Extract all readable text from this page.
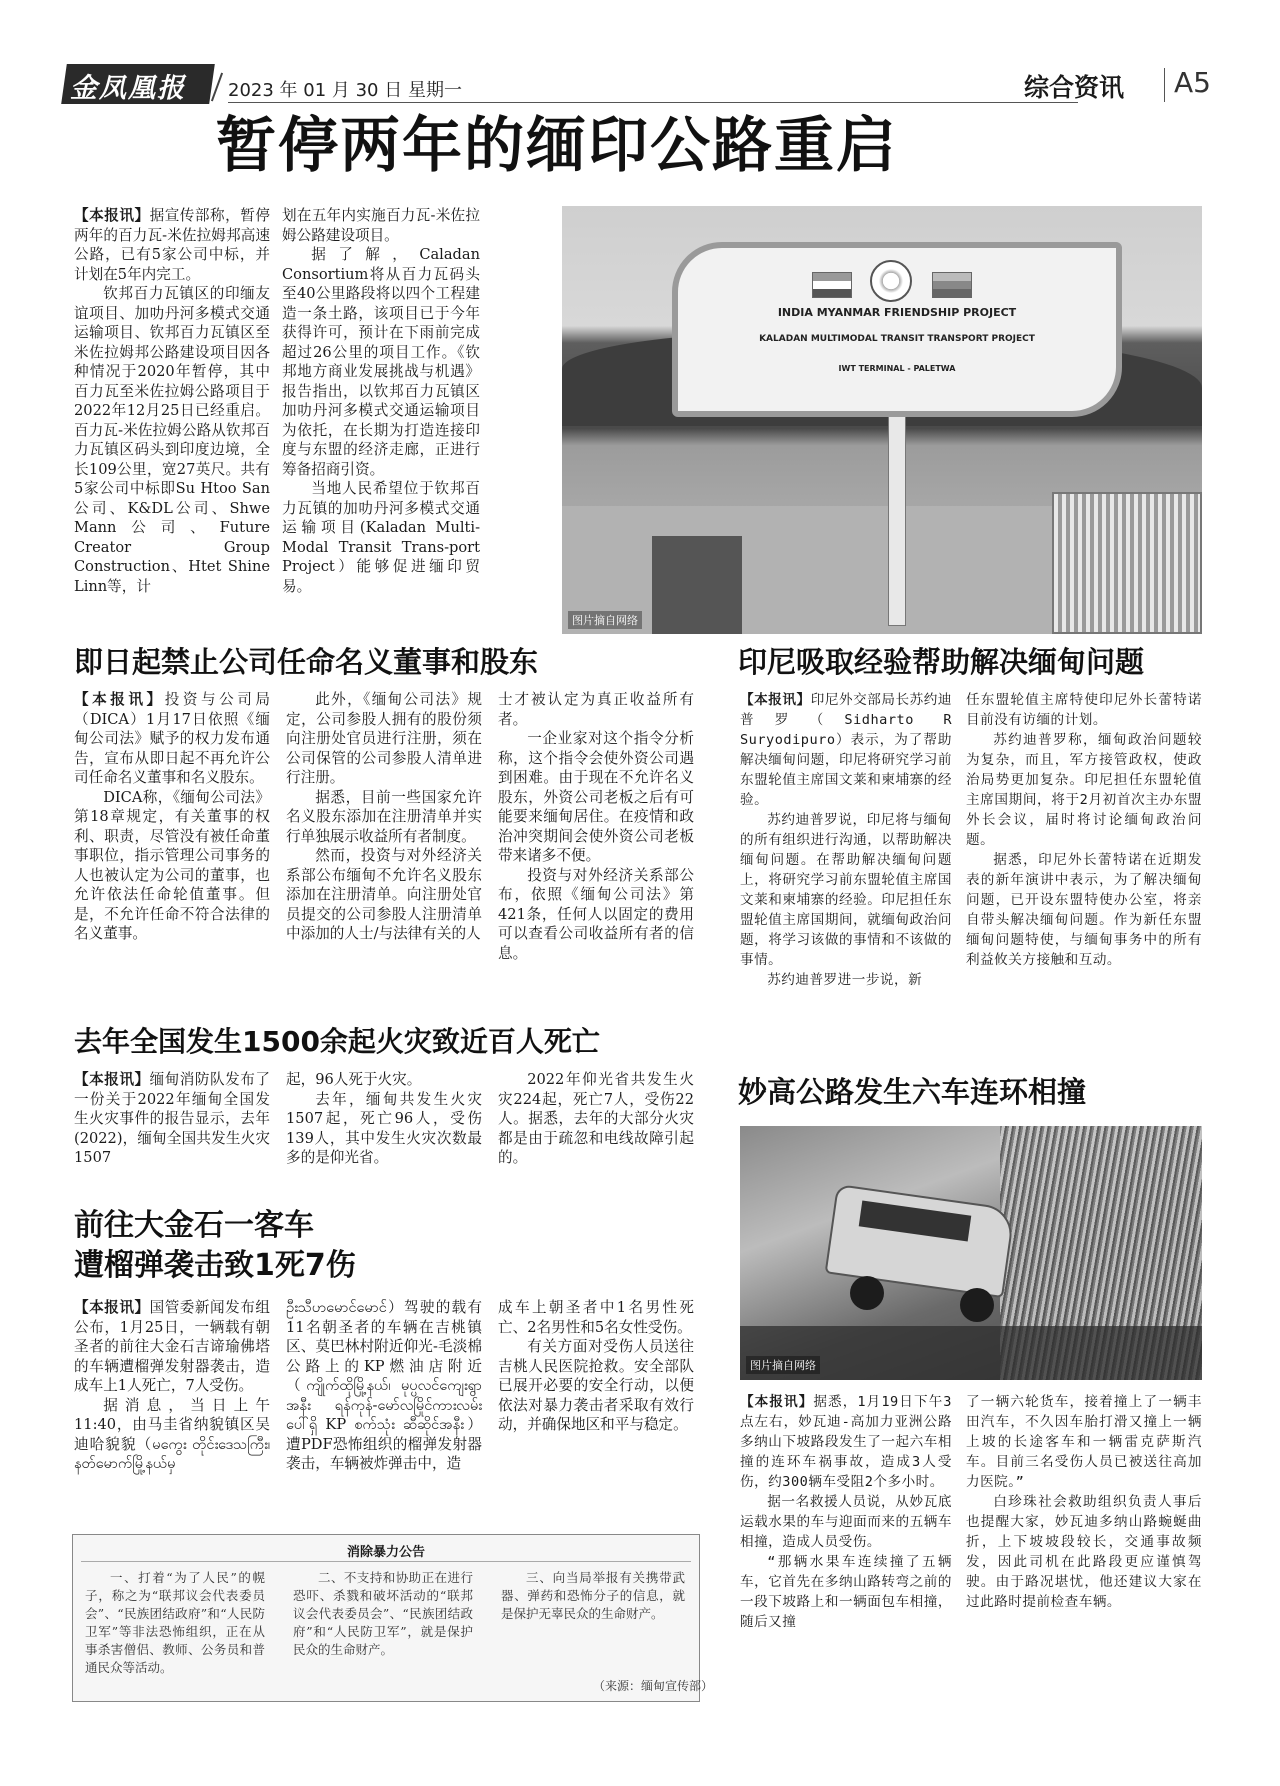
金凤凰报	2023 年 01 月 30 日 星期一	综合资讯 A5
暂停两年的缅印公路重启

【本报讯】据宣传部称，暂停两年的百力瓦-米佐拉姆邦高速公路，已有5家公司中标，并计划在5年内完工。

钦邦百力瓦镇区的印缅友谊项目、加叻丹河多模式交通运输项目、钦邦百力瓦镇区至米佐拉姆邦公路建设项目因各种情况于2020年暂停，其中百力瓦至米佐拉姆公路项目于2022年12月25日已经重启。百力瓦-米佐拉姆公路从钦邦百力瓦镇区码头到印度边境，全长109公里，宽27英尺。共有5家公司中标即Su Htoo San公司、K&DL公司、Shwe Mann公司、Future Creator Group Construction、Htet Shine Linn等，计

划在五年内实施百力瓦-米佐拉姆公路建设项目。

据了解，Caladan Consortium将从百力瓦码头至40公里路段将以四个工程建造一条土路，该项目已于今年获得许可，预计在下雨前完成超过26公里的项目工作。《钦邦地方商业发展挑战与机遇》报告指出，以钦邦百力瓦镇区加叻丹河多模式交通运输项目为依托，在长期为打造连接印度与东盟的经济走廊，正进行筹备招商引资。

当地人民希望位于钦邦百力瓦镇的加叻丹河多模式交通运输项目(Kaladan Multi-Modal Transit Trans-port Project）能够促进缅印贸易。

INDIA MYANMAR FRIENDSHIP PROJECT
KALADAN MULTIMODAL TRANSIT TRANSPORT PROJECT
IWT TERMINAL - PALETWA
图片摘自网络
即日起禁止公司任命名义董事和股东

【本报讯】投资与公司局（DICA）1月17日依照《缅甸公司法》赋予的权力发布通告，宣布从即日起不再允许公司任命名义董事和名义股东。

DICA称，《缅甸公司法》第18章规定，有关董事的权利、职责，尽管没有被任命董事职位，指示管理公司事务的人也被认定为公司的董事，也允许依法任命轮值董事。但是，不允许任命不符合法律的名义董事。

此外，《缅甸公司法》规定，公司参股人拥有的股份须向注册处官员进行注册，须在公司保管的公司参股人清单进行注册。

据悉，目前一些国家允许名义股东添加在注册清单并实行单独展示收益所有者制度。

然而，投资与对外经济关系部公布缅甸不允许名义股东添加在注册清单。向注册处官员提交的公司参股人注册清单中添加的人士/与法律有关的人

士才被认定为真正收益所有者。

一企业家对这个指令分析称，这个指令会使外资公司遇到困难。由于现在不允许名义股东，外资公司老板之后有可能要来缅甸居住。在疫情和政治冲突期间会使外资公司老板带来诸多不便。

投资与对外经济关系部公布，依照《缅甸公司法》第421条，任何人以固定的费用可以查看公司收益所有者的信息。

印尼吸取经验帮助解决缅甸问题

【本报讯】印尼外交部局长苏约迪普罗（Sidharto R Suryodipuro）表示，为了帮助解决缅甸问题，印尼将研究学习前东盟轮值主席国文莱和柬埔寨的经验。

苏约迪普罗说，印尼将与缅甸的所有组织进行沟通，以帮助解决缅甸问题。在帮助解决缅甸问题上，将研究学习前东盟轮值主席国文莱和柬埔寨的经验。印尼担任东盟轮值主席国期间，就缅甸政治问题，将学习该做的事情和不该做的事情。

苏约迪普罗进一步说，新

任东盟轮值主席特使印尼外长蕾特诺目前没有访缅的计划。

苏约迪普罗称，缅甸政治问题较为复杂，而且，军方接管政权，使政治局势更加复杂。印尼担任东盟轮值主席国期间，将于2月初首次主办东盟外长会议，届时将讨论缅甸政治问题。

据悉，印尼外长蕾特诺在近期发表的新年演讲中表示，为了解决缅甸问题，已开设东盟特使办公室，将亲自带头解决缅甸问题。作为新任东盟缅甸问题特使，与缅甸事务中的所有利益攸关方接触和互动。

去年全国发生1500余起火灾致近百人死亡

【本报讯】缅甸消防队发布了一份关于2022年缅甸全国发生火灾事件的报告显示，去年(2022)，缅甸全国共发生火灾1507

起，96人死于火灾。

去年，缅甸共发生火灾1507起，死亡96人，受伤139人，其中发生火灾次数最多的是仰光省。

2022年仰光省共发生火灾224起，死亡7人，受伤22人。据悉，去年的大部分火灾都是由于疏忽和电线故障引起的。

前往大金石一客车
遭榴弹袭击致1死7伤

【本报讯】国管委新闻发布组公布，1月25日，一辆载有朝圣者的前往大金石吉谛瑜佛塔的车辆遭榴弹发射器袭击，造成车上1人死亡，7人受伤。

据消息，当日上午11:40，由马圭省纳貌镇区吴迪哈貌貌（မကွေး တိုင်းဒေသကြီး၊ နတ်မောက်မြို့နယ်မှ

ဦးသီဟမောင်မောင်）驾驶的载有11名朝圣者的车辆在吉桃镇区、莫巴林村附近仰光-毛淡棉公路上的KP燃油店附近（ကျိုက်ထိုမြို့နယ်၊ မုပ္ပလင်ကျေးရွာအနီး ရန်ကုန်-မော်လမြိုင်ကားလမ်းပေါ်ရှိ KP စက်သုံး ဆီဆိုင်အနီး）遭PDF恐怖组织的榴弹发射器袭击，车辆被炸弹击中，造

成车上朝圣者中1名男性死亡、2名男性和5名女性受伤。

有关方面对受伤人员送往吉桃人民医院抢救。安全部队已展开必要的安全行动，以便依法对暴力袭击者采取有效行动，并确保地区和平与稳定。

消除暴力公告
一、打着“为了人民”的幌子，称之为“联邦议会代表委员会”、“民族团结政府”和“人民防卫军”等非法恐怖组织，正在从事杀害僧侣、教师、公务员和普通民众等活动。
二、不支持和协助正在进行恐吓、杀戮和破坏活动的“联邦议会代表委员会”、“民族团结政府”和“人民防卫军”，就是保护民众的生命财产。
三、向当局举报有关携带武器、弹药和恐怖分子的信息，就是保护无辜民众的生命财产。
（来源：缅甸宣传部）
妙高公路发生六车连环相撞
图片摘自网络

【本报讯】据悉，1月19日下午3点左右，妙瓦迪-高加力亚洲公路多纳山下坡路段发生了一起六车相撞的连环车祸事故，造成3人受伤，约300辆车受阻2个多小时。

据一名救援人员说，从妙瓦底运载水果的车与迎面而来的五辆车相撞，造成人员受伤。

“那辆水果车连续撞了五辆车，它首先在多纳山路转弯之前的一段下坡路上和一辆面包车相撞，随后又撞

了一辆六轮货车，接着撞上了一辆丰田汽车，不久因车胎打滑又撞上一辆上坡的长途客车和一辆雷克萨斯汽车。目前三名受伤人员已被送往高加力医院。”

白珍珠社会救助组织负责人事后也提醒大家，妙瓦迪多纳山路蜿蜒曲折，上下坡坡段较长，交通事故频发，因此司机在此路段更应谨慎驾驶。由于路况堪忧，他还建议大家在过此路时提前检查车辆。
